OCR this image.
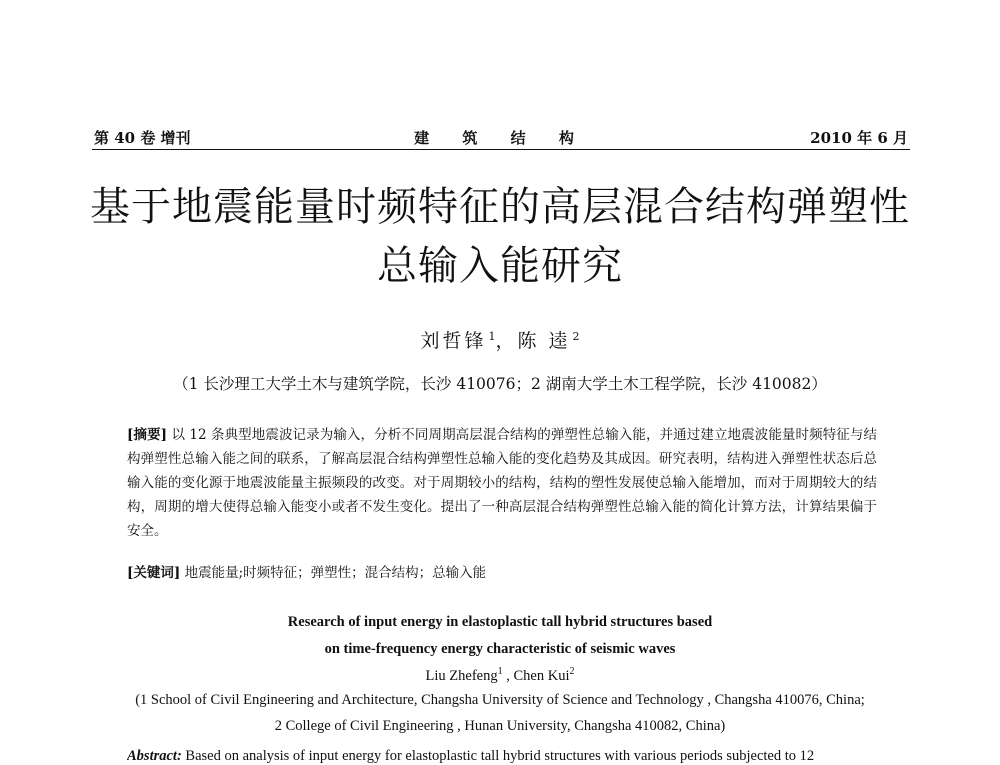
第 40 卷 增刊	建 筑 结 构	2010 年 6 月
基于地震能量时频特征的高层混合结构弹塑性
总输入能研究
刘哲锋 $^1$，陈 逵 $^2$
（1 长沙理工大学土木与建筑学院，长沙 410076；2 湖南大学土木工程学院，长沙 410082）
[摘要] 以 12 条典型地震波记录为输入，分析不同周期高层混合结构的弹塑性总输入能，并通过建立地震波能量时频特征与结构弹塑性总输入能之间的联系，了解高层混合结构弹塑性总输入能的变化趋势及其成因。研究表明，结构进入弹塑性状态后总输入能的变化源于地震波能量主振频段的改变。对于周期较小的结构，结构的塑性发展使总输入能增加，而对于周期较大的结构，周期的增大使得总输入能变小或者不发生变化。提出了一种高层混合结构弹塑性总输入能的简化计算方法，计算结果偏于安全。
[关键词] 地震能量;时频特征；弹塑性；混合结构；总输入能
Research of input energy in elastoplastic tall hybrid structures based
on time-frequency energy characteristic of seismic waves
Liu Zhefeng$^1$ , Chen Kui$^2$
(1 School of Civil Engineering and Architecture, Changsha University of Science and Technology , Changsha 410076, China;
2 College of Civil Engineering , Hunan University, Changsha 410082, China)
Abstract: Based on analysis of input energy for elastoplastic tall hybrid structures with various periods subjected to 12
